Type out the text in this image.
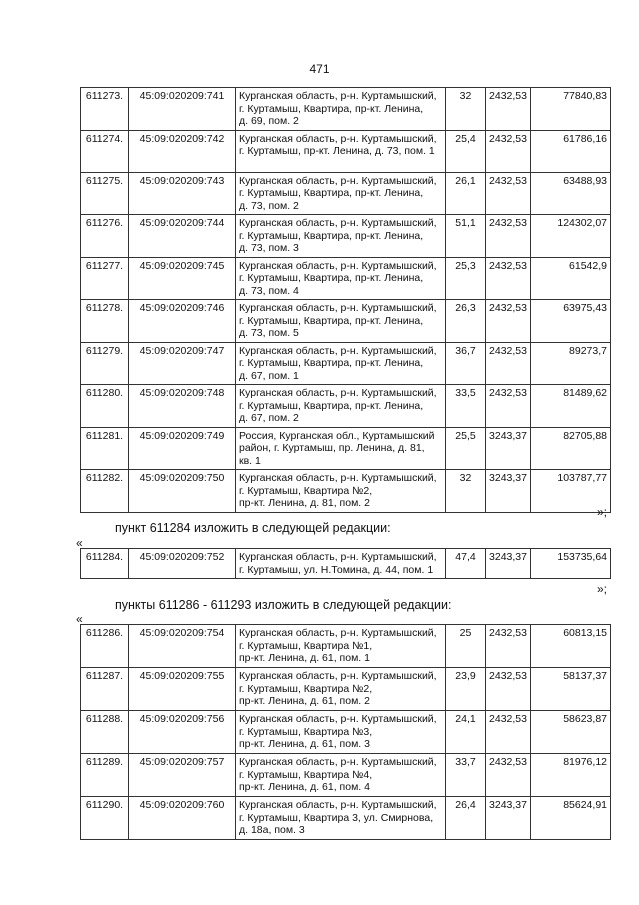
471
611273.	45:09:020209:741	Курганская область, р-н. Куртамышский,
г. Куртамыш, Квартира, пр-кт. Ленина,
д. 69, пом. 2	32	2432,53	77840,83
611274.	45:09:020209:742	Курганская область, р-н. Куртамышский,
г. Куртамыш, пр-кт. Ленина, д. 73, пом. 1	25,4	2432,53	61786,16
611275.	45:09:020209:743	Курганская область, р-н. Куртамышский,
г. Куртамыш, Квартира, пр-кт. Ленина,
д. 73, пом. 2	26,1	2432,53	63488,93
611276.	45:09:020209:744	Курганская область, р-н. Куртамышский,
г. Куртамыш, Квартира, пр-кт. Ленина,
д. 73, пом. 3	51,1	2432,53	124302,07
611277.	45:09:020209:745	Курганская область, р-н. Куртамышский,
г. Куртамыш, Квартира, пр-кт. Ленина,
д. 73, пом. 4	25,3	2432,53	61542,9
611278.	45:09:020209:746	Курганская область, р-н. Куртамышский,
г. Куртамыш, Квартира, пр-кт. Ленина,
д. 73, пом. 5	26,3	2432,53	63975,43
611279.	45:09:020209:747	Курганская область, р-н. Куртамышский,
г. Куртамыш, Квартира, пр-кт. Ленина,
д. 67, пом. 1	36,7	2432,53	89273,7
611280.	45:09:020209:748	Курганская область, р-н. Куртамышский,
г. Куртамыш, Квартира, пр-кт. Ленина,
д. 67, пом. 2	33,5	2432,53	81489,62
611281.	45:09:020209:749	Россия, Курганская обл., Куртамышский
район, г. Куртамыш, пр. Ленина, д. 81,
кв. 1	25,5	3243,37	82705,88
611282.	45:09:020209:750	Курганская область, р-н. Куртамышский,
г. Куртамыш, Квартира №2,
пр-кт. Ленина, д. 81, пом. 2	32	3243,37	103787,77
»;
пункт 611284 изложить в следующей редакции:
«
611284.	45:09:020209:752	Курганская область, р-н. Куртамышский,
г. Куртамыш, ул. Н.Томина, д. 44, пом. 1
	47,4	3243,37	153735,64
»;
пункты 611286 - 611293 изложить в следующей редакции:
«
611286.	45:09:020209:754	Курганская область, р-н. Куртамышский,
г. Куртамыш, Квартира №1,
пр-кт. Ленина, д. 61, пом. 1	25	2432,53	60813,15
611287.	45:09:020209:755	Курганская область, р-н. Куртамышский,
г. Куртамыш, Квартира №2,
пр-кт. Ленина, д. 61, пом. 2	23,9	2432,53	58137,37
611288.	45:09:020209:756	Курганская область, р-н. Куртамышский,
г. Куртамыш, Квартира №3,
пр-кт. Ленина, д. 61, пом. 3	24,1	2432,53	58623,87
611289.	45:09:020209:757	Курганская область, р-н. Куртамышский,
г. Куртамыш, Квартира №4,
пр-кт. Ленина, д. 61, пом. 4	33,7	2432,53	81976,12
611290.	45:09:020209:760	Курганская область, р-н. Куртамышский,
г. Куртамыш, Квартира 3, ул. Смирнова,
д. 18а, пом. 3	26,4	3243,37	85624,91
